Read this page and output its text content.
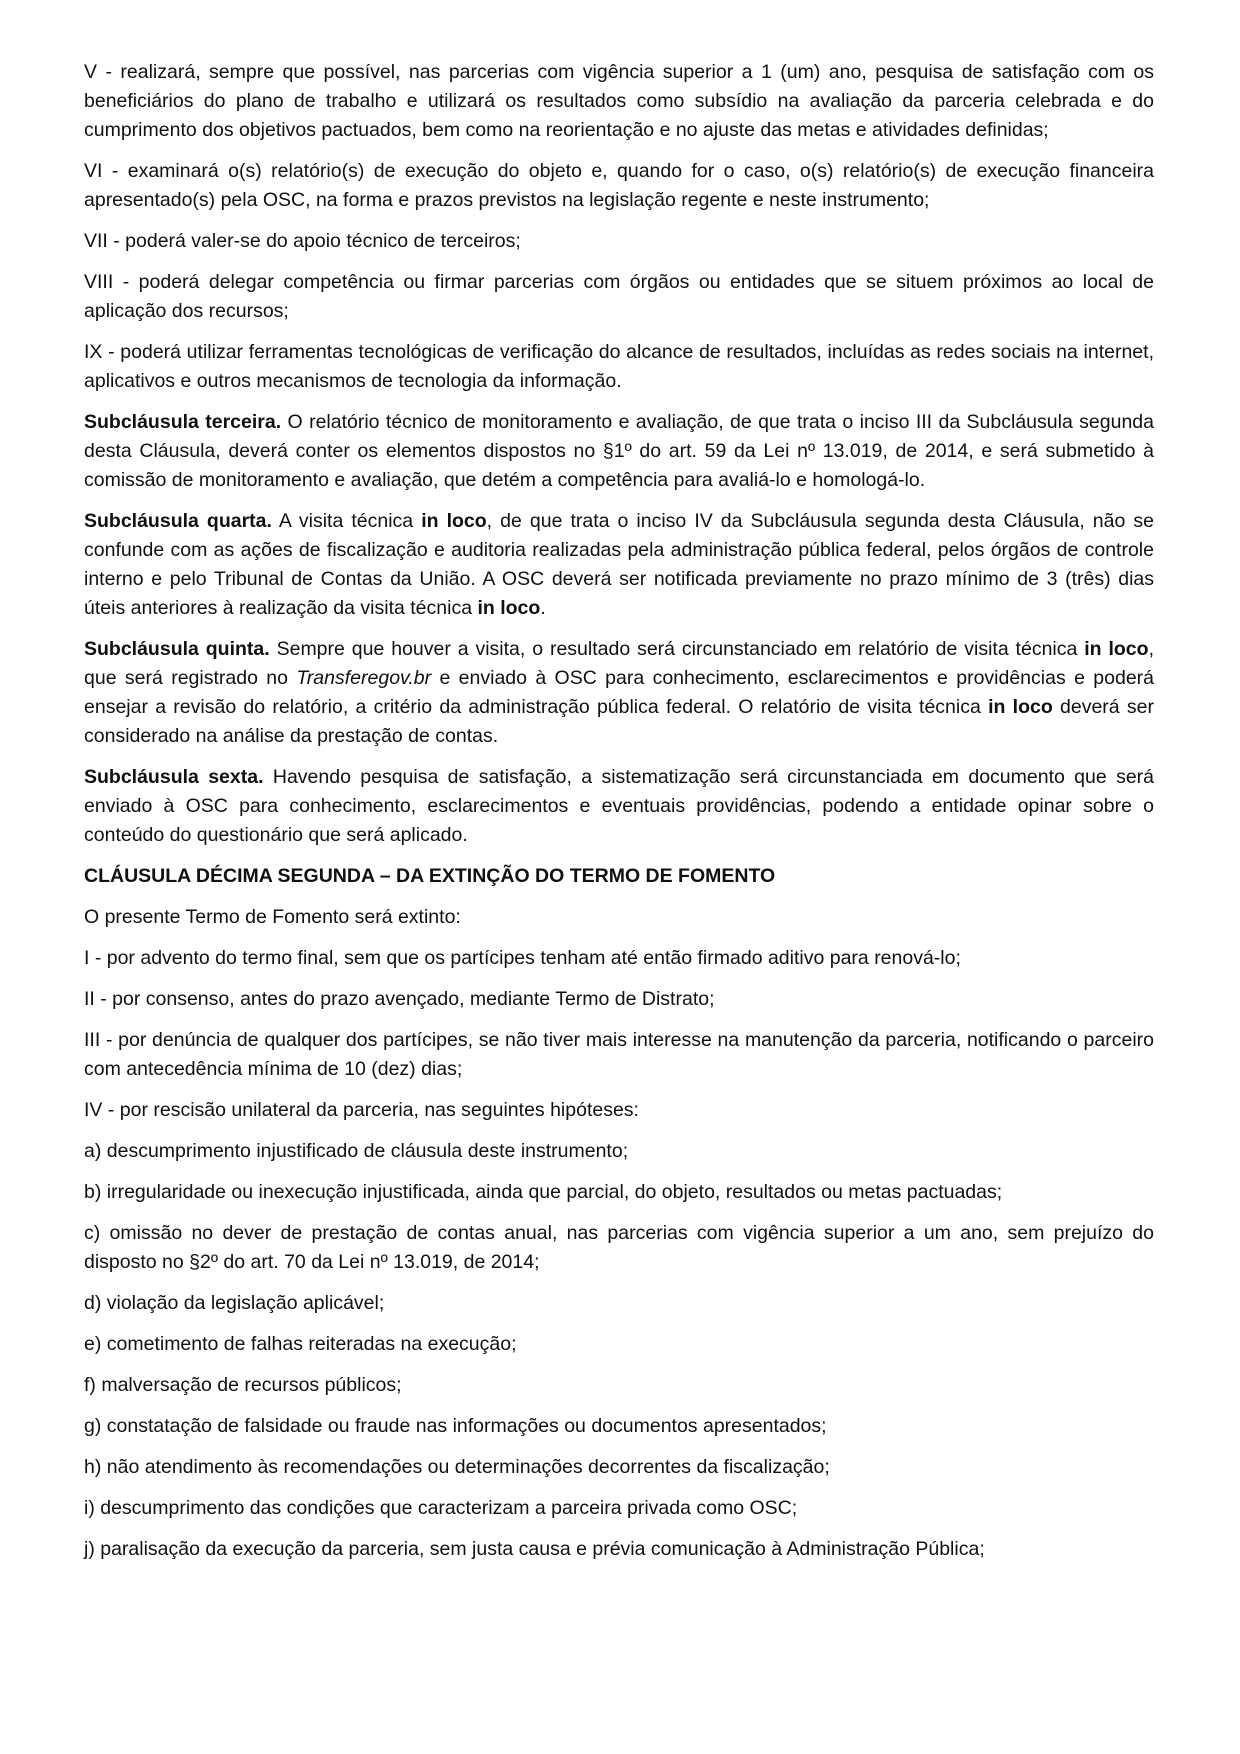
V - realizará, sempre que possível, nas parcerias com vigência superior a 1 (um) ano, pesquisa de satisfação com os beneficiários do plano de trabalho e utilizará os resultados como subsídio na avaliação da parceria celebrada e do cumprimento dos objetivos pactuados, bem como na reorientação e no ajuste das metas e atividades definidas;

VI - examinará o(s) relatório(s) de execução do objeto e, quando for o caso, o(s) relatório(s) de execução financeira apresentado(s) pela OSC, na forma e prazos previstos na legislação regente e neste instrumento;

VII - poderá valer-se do apoio técnico de terceiros;

VIII - poderá delegar competência ou firmar parcerias com órgãos ou entidades que se situem próximos ao local de aplicação dos recursos;

IX - poderá utilizar ferramentas tecnológicas de verificação do alcance de resultados, incluídas as redes sociais na internet, aplicativos e outros mecanismos de tecnologia da informação.

Subcláusula terceira. O relatório técnico de monitoramento e avaliação, de que trata o inciso III da Subcláusula segunda desta Cláusula, deverá conter os elementos dispostos no §1º do art. 59 da Lei nº 13.019, de 2014, e será submetido à comissão de monitoramento e avaliação, que detém a competência para avaliá-lo e homologá-lo.

Subcláusula quarta. A visita técnica in loco, de que trata o inciso IV da Subcláusula segunda desta Cláusula, não se confunde com as ações de fiscalização e auditoria realizadas pela administração pública federal, pelos órgãos de controle interno e pelo Tribunal de Contas da União. A OSC deverá ser notificada previamente no prazo mínimo de 3 (três) dias úteis anteriores à realização da visita técnica in loco.

Subcláusula quinta. Sempre que houver a visita, o resultado será circunstanciado em relatório de visita técnica in loco, que será registrado no Transferegov.br e enviado à OSC para conhecimento, esclarecimentos e providências e poderá ensejar a revisão do relatório, a critério da administração pública federal. O relatório de visita técnica in loco deverá ser considerado na análise da prestação de contas.

Subcláusula sexta. Havendo pesquisa de satisfação, a sistematização será circunstanciada em documento que será enviado à OSC para conhecimento, esclarecimentos e eventuais providências, podendo a entidade opinar sobre o conteúdo do questionário que será aplicado.

CLÁUSULA DÉCIMA SEGUNDA – DA EXTINÇÃO DO TERMO DE FOMENTO

O presente Termo de Fomento será extinto:

I - por advento do termo final, sem que os partícipes tenham até então firmado aditivo para renová-lo;

II - por consenso, antes do prazo avençado, mediante Termo de Distrato;

III - por denúncia de qualquer dos partícipes, se não tiver mais interesse na manutenção da parceria, notificando o parceiro com antecedência mínima de 10 (dez) dias;

IV - por rescisão unilateral da parceria, nas seguintes hipóteses:

a) descumprimento injustificado de cláusula deste instrumento;

b) irregularidade ou inexecução injustificada, ainda que parcial, do objeto, resultados ou metas pactuadas;

c) omissão no dever de prestação de contas anual, nas parcerias com vigência superior a um ano, sem prejuízo do disposto no §2º do art. 70 da Lei nº 13.019, de 2014;

d) violação da legislação aplicável;

e) cometimento de falhas reiteradas na execução;

f) malversação de recursos públicos;

g) constatação de falsidade ou fraude nas informações ou documentos apresentados;

h) não atendimento às recomendações ou determinações decorrentes da fiscalização;

i) descumprimento das condições que caracterizam a parceira privada como OSC;

j) paralisação da execução da parceria, sem justa causa e prévia comunicação à Administração Pública;
